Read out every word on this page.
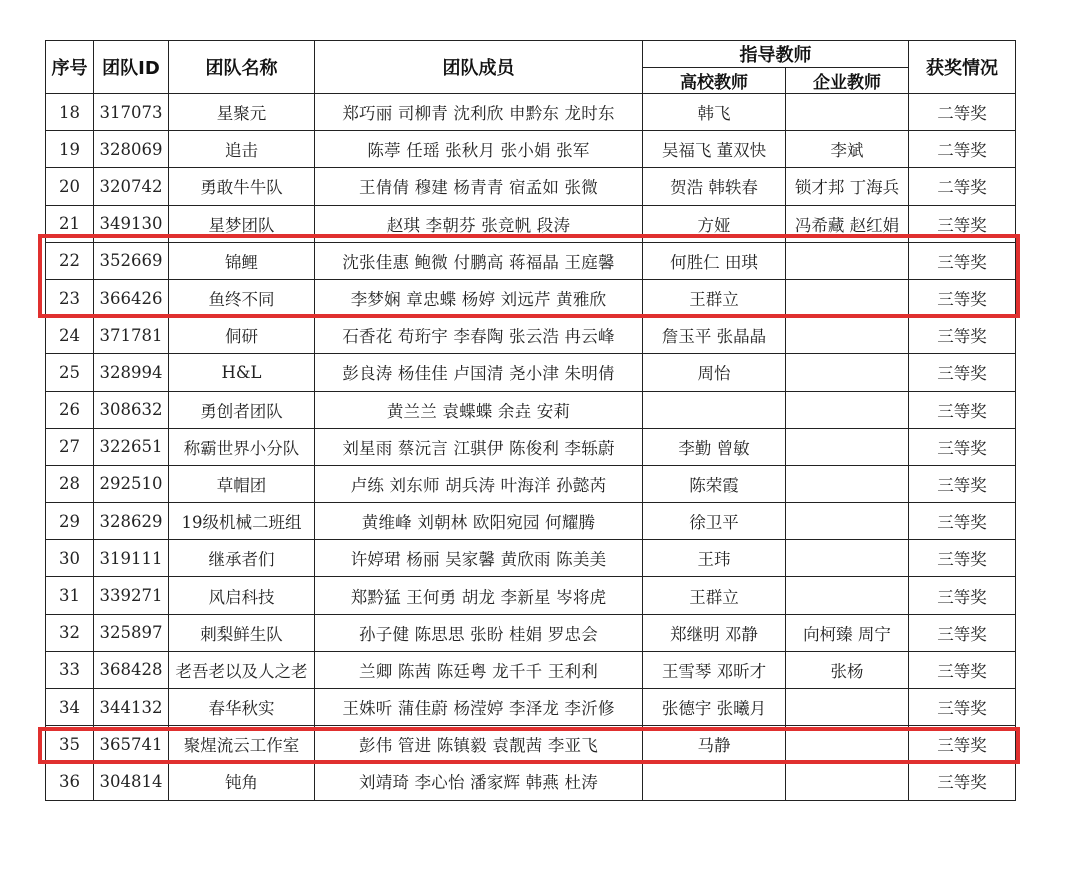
序号	团队ID	团队名称	团队成员	指导教师		获奖情况
				高校教师	企业教师	
18	317073	星聚元	郑巧丽 司柳青 沈利欣 申黔东 龙时东	韩飞		二等奖
19	328069	追击	陈葶 任瑶 张秋月 张小娟 张军	吴福飞 董双快	李斌	二等奖
20	320742	勇敢牛牛队	王倩倩 穆建 杨青青 宿孟如 张微	贺浩 韩轶春	锁才邦 丁海兵	二等奖
21	349130	星梦团队	赵琪 李朝芬 张竞帆 段涛	方娅	冯希藏 赵红娟	三等奖
22	352669	锦鲤	沈张佳惠 鲍微 付鹏高 蒋福晶 王庭馨	何胜仁 田琪		三等奖
23	366426	鱼终不同	李梦娴 章忠蝶 杨婷 刘远芹 黄雅欣	王群立		三等奖
24	371781	侗研	石香花 苟珩宇 李春陶 张云浩 冉云峰	詹玉平 张晶晶		三等奖
25	328994	H&L	彭良涛 杨佳佳 卢国清 尧小津 朱明倩	周怡		三等奖
26	308632	勇创者团队	黄兰兰 袁蝶蝶 余垚 安莉			三等奖
27	322651	称霸世界小分队	刘星雨 蔡沅言 江骐伊 陈俊利 李轹蔚	李勤 曾敏		三等奖
28	292510	草帽团	卢练 刘东师 胡兵涛 叶海洋 孙懿芮	陈荣霞		三等奖
29	328629	19级机械二班组	黄维峰 刘朝林 欧阳宛园 何耀腾	徐卫平		三等奖
30	319111	继承者们	许婷珺 杨丽 吴家馨 黄欣雨 陈美美	王玮		三等奖
31	339271	风启科技	郑黔猛 王何勇 胡龙 李新星 岑将虎	王群立		三等奖
32	325897	刺梨鲜生队	孙子健 陈思思 张盼 桂娟 罗忠会	郑继明 邓静	向柯臻 周宁	三等奖
33	368428	老吾老以及人之老	兰卿 陈茜 陈廷粤 龙千千 王利利	王雪琴 邓昕才	张杨	三等奖
34	344132	春华秋实	王姝听 蒲佳蔚 杨滢婷 李泽龙 李沂修	张德宇 张曦月		三等奖
35	365741	聚煋流云工作室	彭伟 管进 陈镇毅 袁靓茜 李亚飞	马静		三等奖
36	304814	钝角	刘靖琦 李心怡 潘家辉 韩燕 杜涛			三等奖
